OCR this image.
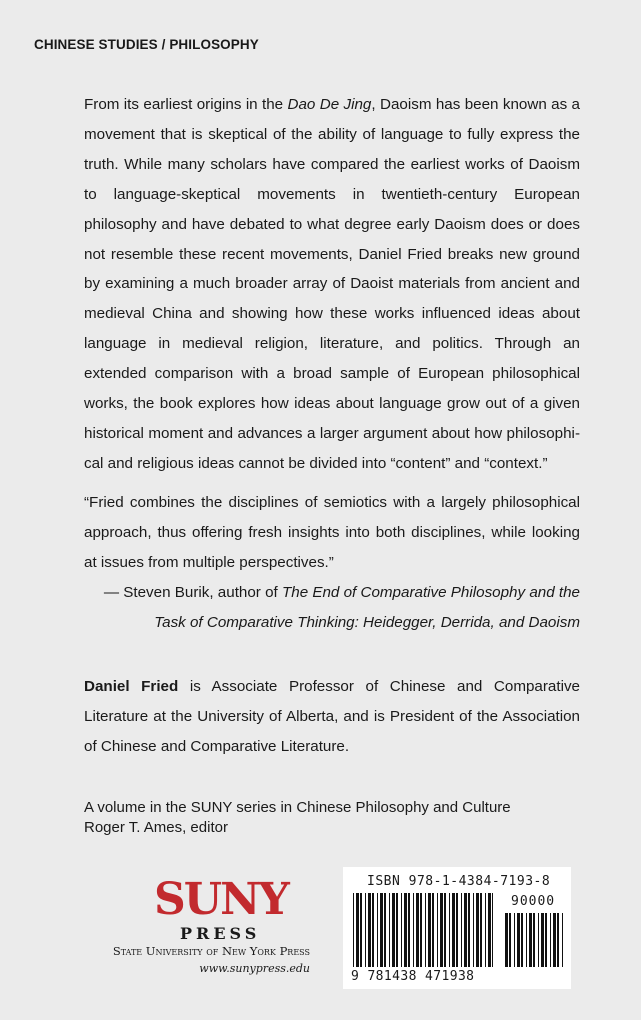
CHINESE STUDIES / PHILOSOPHY

From its earliest origins in the Dao De Jing, Daoism has been known as a movement that is skeptical of the ability of language to fully express the truth. While many scholars have compared the earliest works of Daoism to language-skeptical movements in twentieth-century European philosophy and have debated to what degree early Daoism does or does not resemble these recent movements, Daniel Fried breaks new ground by examining a much broader array of Daoist materials from ancient and medieval China and showing how these works influenced ideas about language in medieval religion, literature, and politics. Through an extended comparison with a broad sample of European philosophical works, the book explores how ideas about language grow out of a given historical moment and advances a larger argument about how philosophical and religious ideas cannot be divided into “content” and “context.”

“Fried combines the disciplines of semiotics with a largely philosophical approach, thus offering fresh insights into both disciplines, while looking at issues from multiple perspectives.”

— Steven Burik, author of The End of Comparative Philosophy and the Task of Comparative Thinking: Heidegger, Derrida, and Daoism

Daniel Fried is Associate Professor of Chinese and Comparative Literature at the University of Alberta, and is President of the Association of Chinese and Comparative Literature.

A volume in the SUNY series in Chinese Philosophy and Culture
Roger T. Ames, editor
SUNY
PRESS
State University of New York Press
www.sunypress.edu
ISBN 978-1-4384-7193-8
90000
9 781438 471938
